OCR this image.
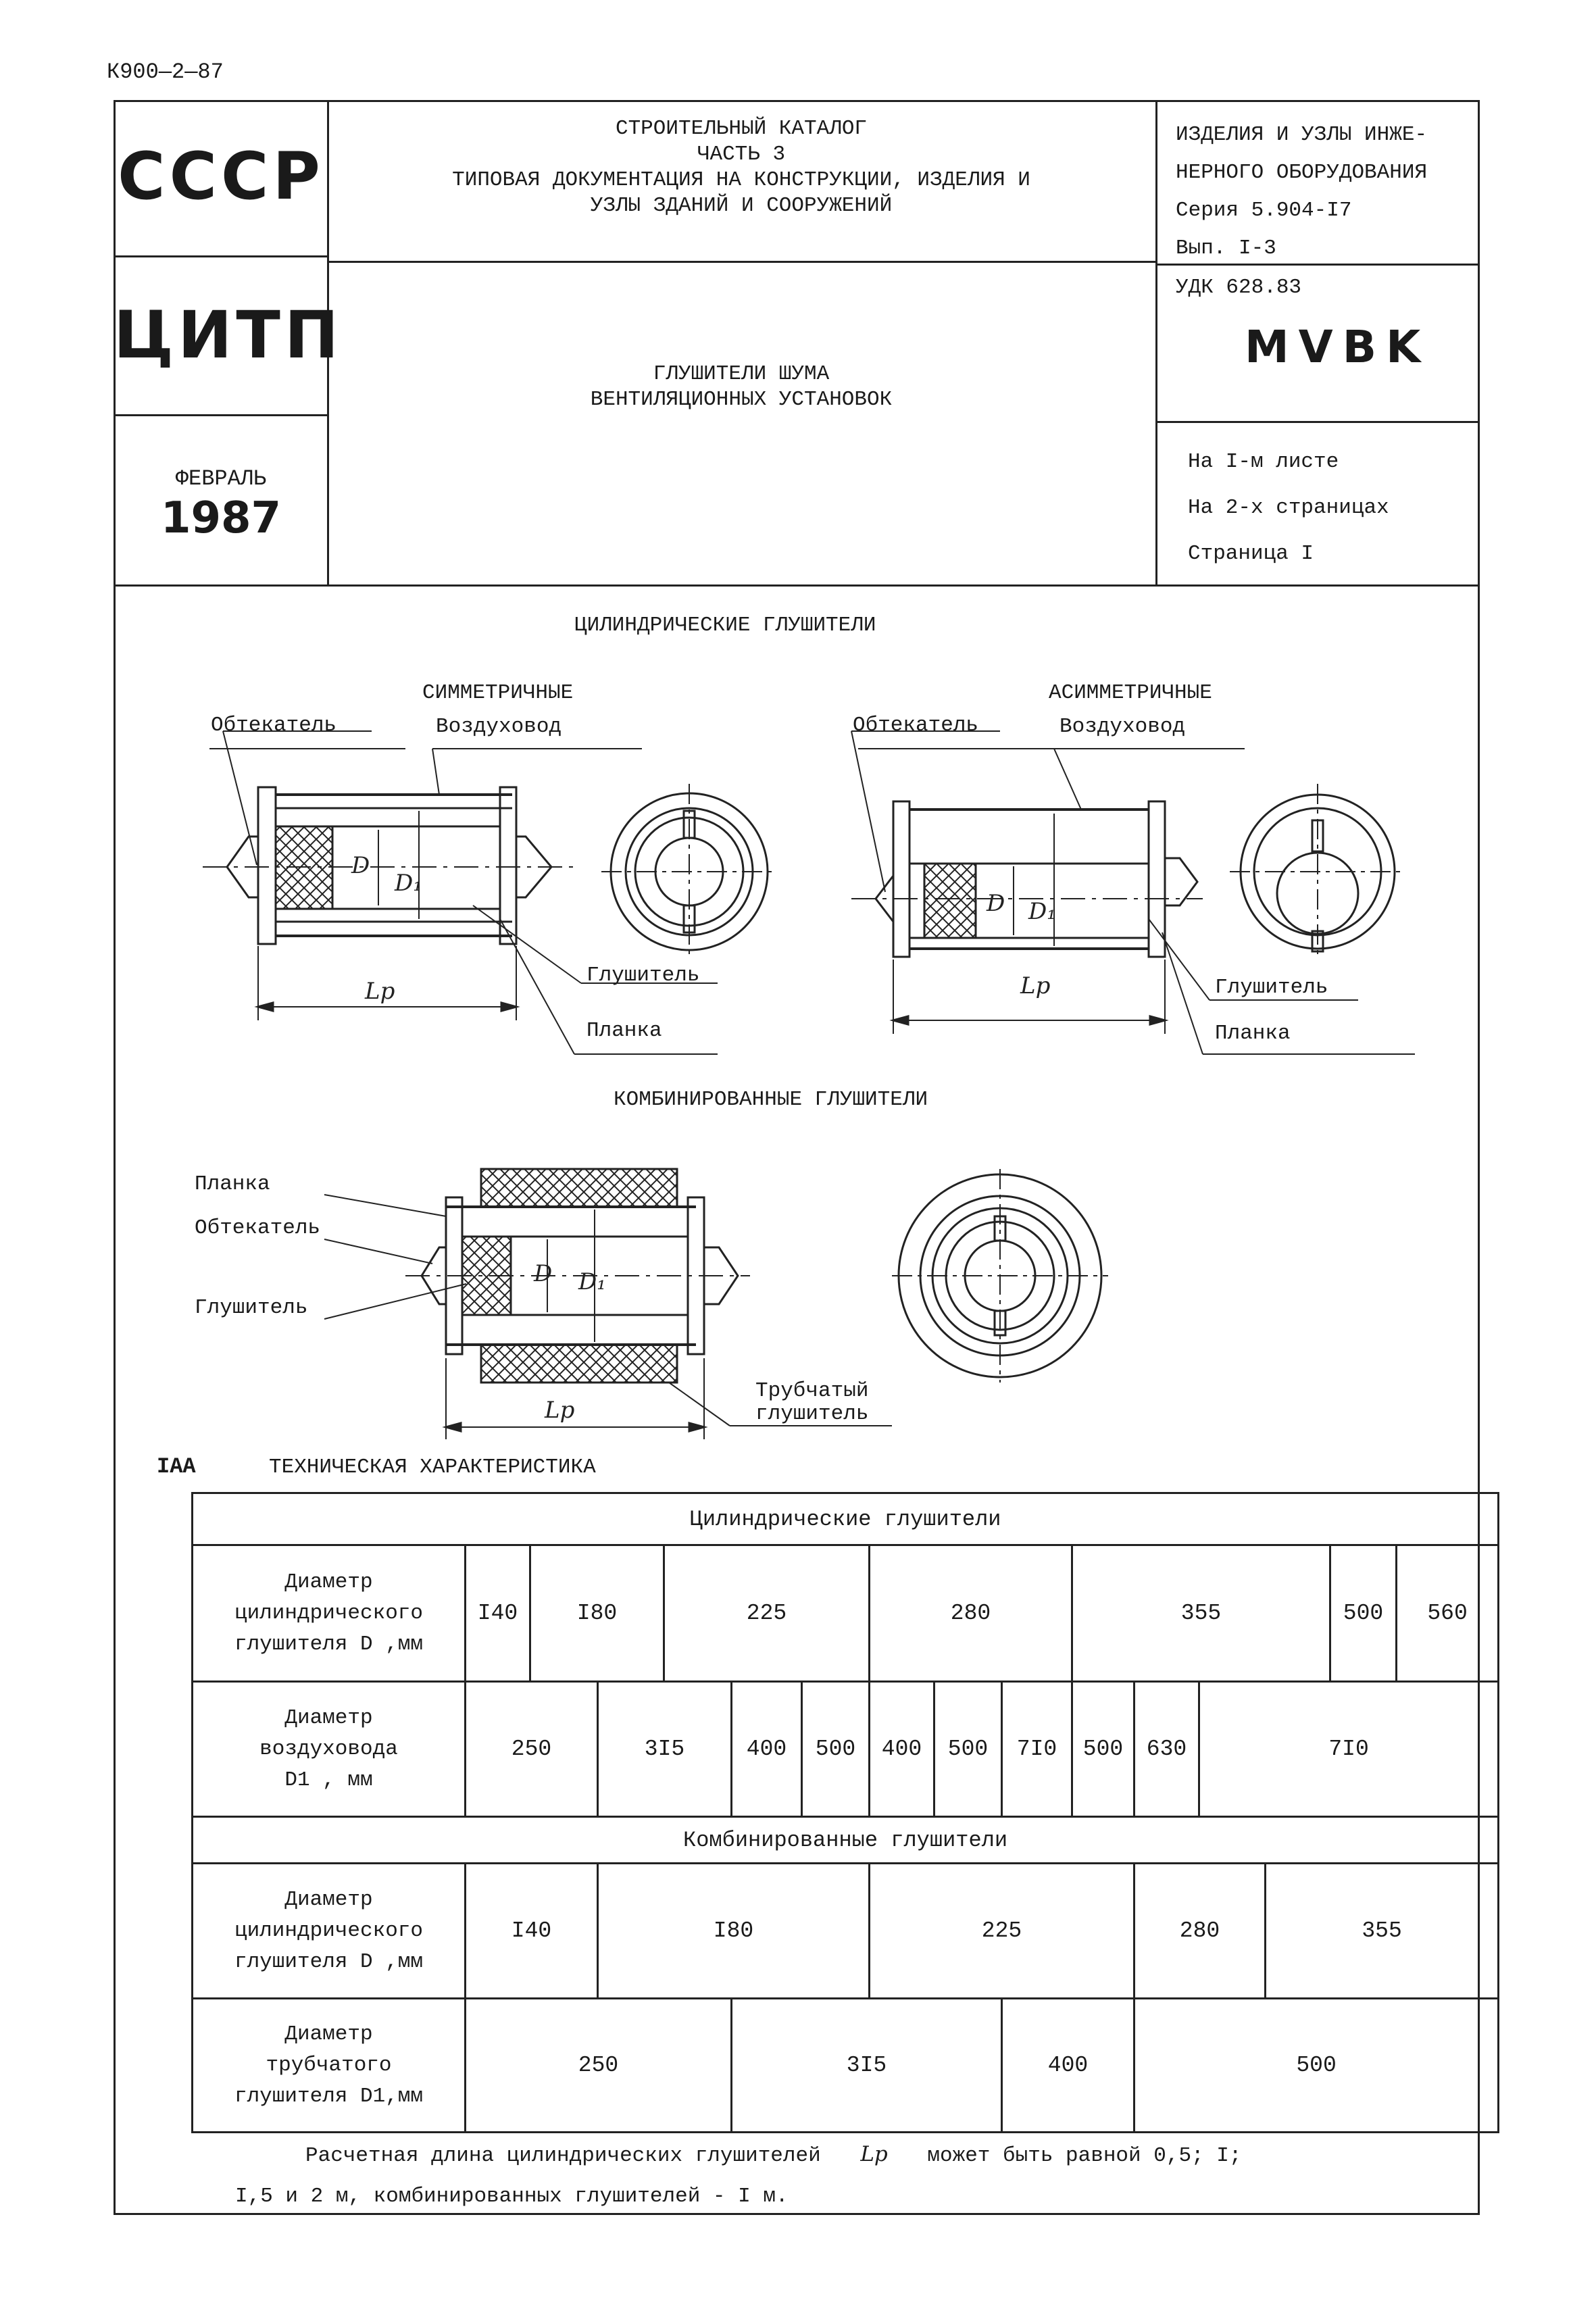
К900—2—87
СССР
ЦИТП
ФЕВРАЛЬ
1987
СТРОИТЕЛЬНЫЙ КАТАЛОГ
ЧАСТЬ 3
ТИПОВАЯ ДОКУМЕНТАЦИЯ НА КОНСТРУКЦИИ, ИЗДЕЛИЯ И
УЗЛЫ ЗДАНИЙ И СООРУЖЕНИЙ
ГЛУШИТЕЛИ ШУМА
ВЕНТИЛЯЦИОННЫХ УСТАНОВОК
ИЗДЕЛИЯ И УЗЛЫ ИНЖЕ-
НЕРНОГО ОБОРУДОВАНИЯ
Серия 5.904-I7
Вып. I-3
УДК 628.83
MVBK
На I-м листе
На 2-х страницах
Страница I
ЦИЛИНДРИЧЕСКИЕ ГЛУШИТЕЛИ
СИММЕТРИЧНЫЕ	АСИММЕТРИЧНЫЕ
КОМБИНИРОВАННЫЕ ГЛУШИТЕЛИ
Обтекатель	Воздуховод
Глушитель
Планка
Обтекатель	Воздуховод
Глушитель
Планка
Планка
Обтекатель
Глушитель
Трубчатый
глушитель
D
D₁
Lр
D D₁
Lр
D D₁
Lр
IAA	ТЕХНИЧЕСКАЯ ХАРАКТЕРИСТИКА
Цилиндрические глушители															

Диаметр
цилиндрического
глушителя D ,мм	I40	I80		225			280			355				500	560

Диаметр
воздуховода
D1 , мм	250		3I5		400	500	400	500	7I0	500	630	7I0			
Комбинированные глушители															

Диаметр
цилиндрического
глушителя D ,мм	I40		I80				225				280		355		

Диаметр
трубчатого
глушителя D1,мм	250				3I5				400		500				
Расчетная длина цилиндрических глушителей Lр может быть равной 0,5; I;
I,5 и 2 м, комбинированных глушителей - I м.
